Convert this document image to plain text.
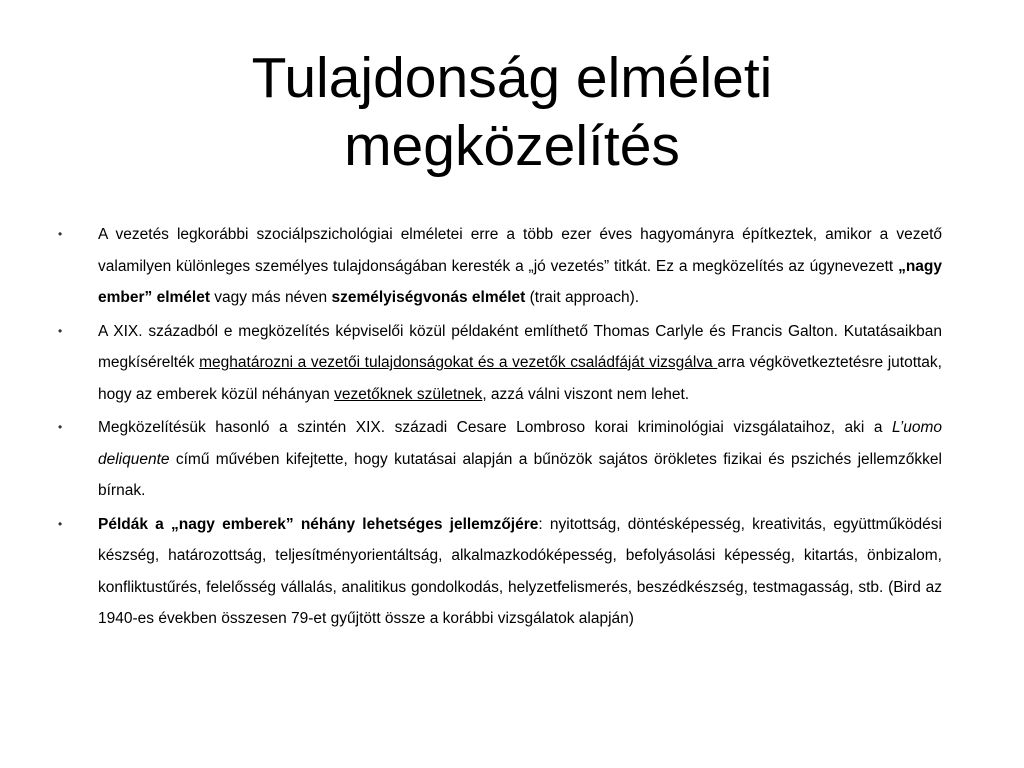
Tulajdonság elméleti
megközelítés
•	A vezetés legkorábbi szociálpszichológiai elméletei erre a több ezer éves hagyományra építkeztek, amikor a vezető valamilyen különleges személyes tulajdonságában keresték a „jó vezetés” titkát. Ez a megközelítés az úgynevezett „nagy ember” elmélet vagy más néven személyiségvonás elmélet (trait approach).
•	A XIX. századból e megközelítés képviselői közül példaként említhető Thomas Carlyle és Francis Galton. Kutatásaikban megkísérelték meghatározni a vezetői tulajdonságokat és a vezetők családfáját vizsgálva arra végkövetkeztetésre jutottak, hogy az emberek közül néhányan vezetőknek születnek, azzá válni viszont nem lehet.
•	Megközelítésük hasonló a szintén XIX. századi Cesare Lombroso korai kriminológiai vizsgálataihoz, aki a L’uomo deliquente című művében kifejtette, hogy kutatásai alapján a bűnözök sajátos örökletes fizikai és pszichés jellemzőkkel bírnak.
•	Példák a „nagy emberek” néhány lehetséges jellemzőjére: nyitottság, döntésképesség, kreativitás, együttműködési készség, határozottság, teljesítményorientáltság, alkalmazkodóképesség, befolyásolási képesség, kitartás, önbizalom, konfliktustűrés, felelősség vállalás, analitikus gondolkodás, helyzetfelismerés, beszédkészség, testmagasság, stb. (Bird az 1940-es években összesen 79-et gyűjtött össze a korábbi vizsgálatok alapján)
